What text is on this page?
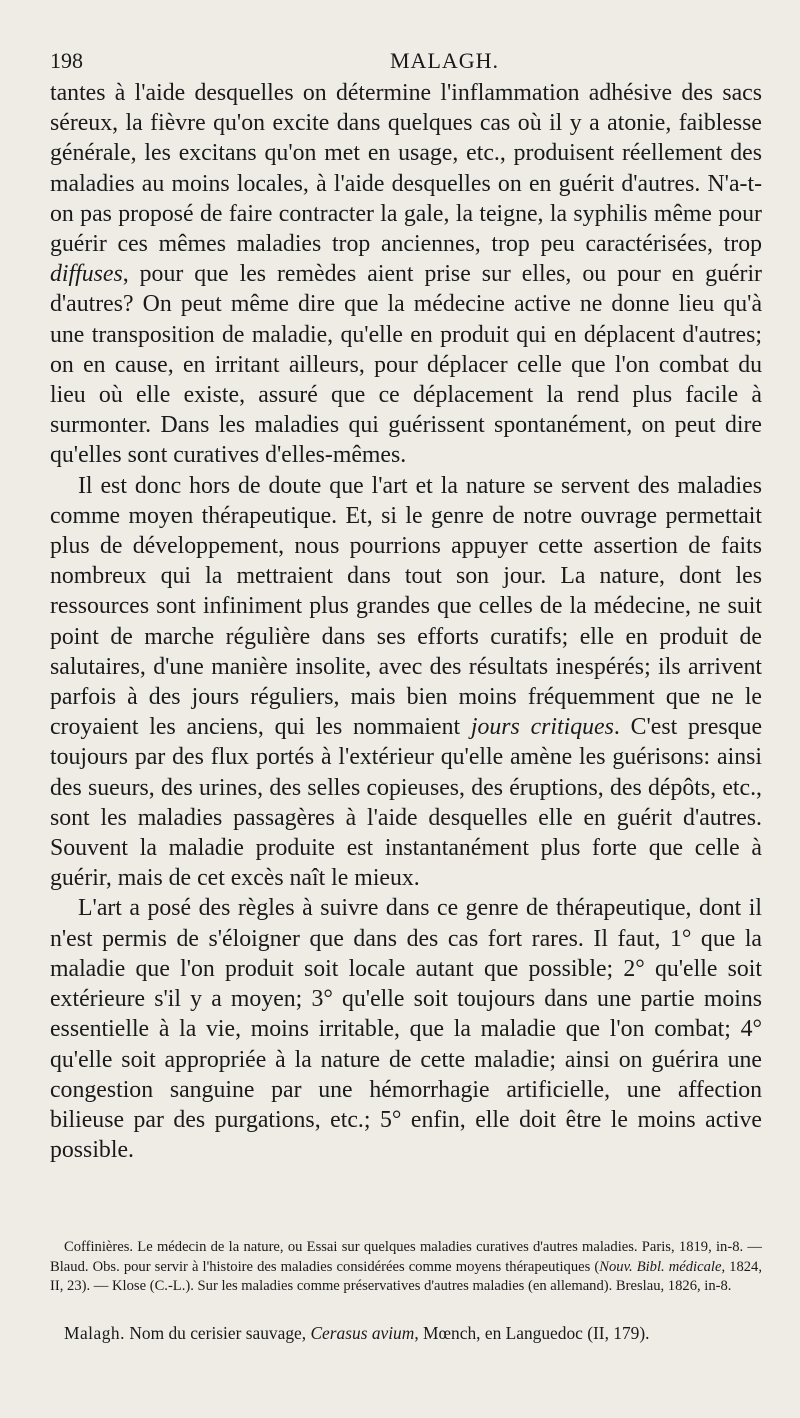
198	MALAGH.

tantes à l'aide desquelles on détermine l'inflammation adhésive des sacs séreux, la fièvre qu'on excite dans quelques cas où il y a atonie, faiblesse générale, les excitans qu'on met en usage, etc., produisent réellement des maladies au moins locales, à l'aide desquelles on en guérit d'autres. N'a-t-on pas proposé de faire contracter la gale, la teigne, la syphilis même pour guérir ces mêmes maladies trop anciennes, trop peu caractérisées, trop diffuses, pour que les remèdes aient prise sur elles, ou pour en guérir d'autres? On peut même dire que la médecine active ne donne lieu qu'à une transposition de maladie, qu'elle en produit qui en déplacent d'autres; on en cause, en irritant ailleurs, pour déplacer celle que l'on combat du lieu où elle existe, assuré que ce déplacement la rend plus facile à surmonter. Dans les maladies qui guérissent spontanément, on peut dire qu'elles sont curatives d'elles-mêmes.

Il est donc hors de doute que l'art et la nature se servent des maladies comme moyen thérapeutique. Et, si le genre de notre ouvrage permettait plus de développement, nous pourrions appuyer cette assertion de faits nombreux qui la mettraient dans tout son jour. La nature, dont les ressources sont infiniment plus grandes que celles de la médecine, ne suit point de marche régulière dans ses efforts curatifs; elle en produit de salutaires, d'une manière insolite, avec des résultats inespérés; ils arrivent parfois à des jours réguliers, mais bien moins fréquemment que ne le croyaient les anciens, qui les nommaient jours critiques. C'est presque toujours par des flux portés à l'extérieur qu'elle amène les guérisons: ainsi des sueurs, des urines, des selles copieuses, des éruptions, des dépôts, etc., sont les maladies passagères à l'aide desquelles elle en guérit d'autres. Souvent la maladie produite est instantanément plus forte que celle à guérir, mais de cet excès naît le mieux.

L'art a posé des règles à suivre dans ce genre de thérapeutique, dont il n'est permis de s'éloigner que dans des cas fort rares. Il faut, 1° que la maladie que l'on produit soit locale autant que possible; 2° qu'elle soit extérieure s'il y a moyen; 3° qu'elle soit toujours dans une partie moins essentielle à la vie, moins irritable, que la maladie que l'on combat; 4° qu'elle soit appropriée à la nature de cette maladie; ainsi on guérira une congestion sanguine par une hémorrhagie artificielle, une affection bilieuse par des purgations, etc.; 5° enfin, elle doit être le moins active possible.

Coffinières. Le médecin de la nature, ou Essai sur quelques maladies curatives d'autres maladies. Paris, 1819, in-8. — Blaud. Obs. pour servir à l'histoire des maladies considérées comme moyens thérapeutiques (Nouv. Bibl. médicale, 1824, II, 23). — Klose (C.-L.). Sur les maladies comme préservatives d'autres maladies (en allemand). Breslau, 1826, in-8.

Malagh. Nom du cerisier sauvage, Cerasus avium, Mœnch, en Languedoc (II, 179).
